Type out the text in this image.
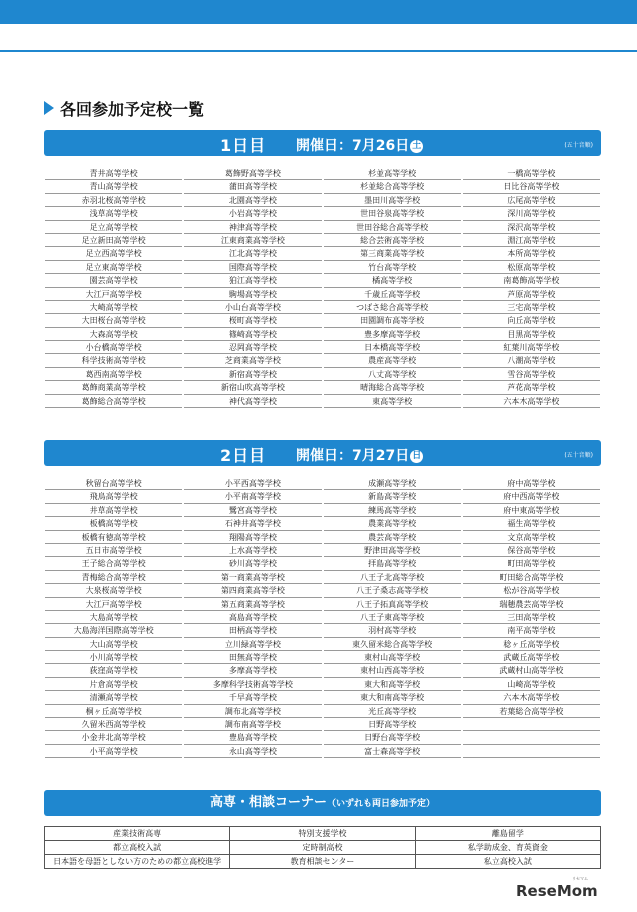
各回参加予定校一覧
1日目 開催日：7月26日 土	(五十音順)
青井高等学校	葛飾野高等学校	杉並高等学校	一橋高等学校
青山高等学校	蒲田高等学校	杉並総合高等学校	日比谷高等学校
赤羽北桜高等学校	北園高等学校	墨田川高等学校	広尾高等学校
浅草高等学校	小岩高等学校	世田谷泉高等学校	深川高等学校
足立高等学校	神津高等学校	世田谷総合高等学校	深沢高等学校
足立新田高等学校	江東商業高等学校	総合芸術高等学校	淵江高等学校
足立西高等学校	江北高等学校	第三商業高等学校	本所高等学校
足立東高等学校	国際高等学校	竹台高等学校	松原高等学校
園芸高等学校	狛江高等学校	橘高等学校	南葛飾高等学校
大江戸高等学校	駒場高等学校	千歳丘高等学校	芦原高等学校
大崎高等学校	小山台高等学校	つばさ総合高等学校	三宅高等学校
大田桜台高等学校	桜町高等学校	田園調布高等学校	向丘高等学校
大森高等学校	篠崎高等学校	豊多摩高等学校	目黒高等学校
小台橋高等学校	忍岡高等学校	日本橋高等学校	紅葉川高等学校
科学技術高等学校	芝商業高等学校	農産高等学校	八潮高等学校
葛西南高等学校	新宿高等学校	八丈高等学校	雪谷高等学校
葛飾商業高等学校	新宿山吹高等学校	晴海総合高等学校	芦花高等学校
葛飾総合高等学校	神代高等学校	東高等学校	六本木高等学校
2日目 開催日：7月27日 日	(五十音順)
秋留台高等学校	小平西高等学校	成瀬高等学校	府中高等学校
飛鳥高等学校	小平南高等学校	新島高等学校	府中西高等学校
井草高等学校	鷺宮高等学校	練馬高等学校	府中東高等学校
板橋高等学校	石神井高等学校	農業高等学校	福生高等学校
板橋有徳高等学校	翔陽高等学校	農芸高等学校	文京高等学校
五日市高等学校	上水高等学校	野津田高等学校	保谷高等学校
王子総合高等学校	砂川高等学校	拝島高等学校	町田高等学校
青梅総合高等学校	第一商業高等学校	八王子北高等学校	町田総合高等学校
大泉桜高等学校	第四商業高等学校	八王子桑志高等学校	松が谷高等学校
大江戸高等学校	第五商業高等学校	八王子拓真高等学校	瑞穂農芸高等学校
大島高等学校	高島高等学校	八王子東高等学校	三田高等学校
大島海洋国際高等学校	田柄高等学校	羽村高等学校	南平高等学校
大山高等学校	立川緑高等学校	東久留米総合高等学校	稔ヶ丘高等学校
小川高等学校	田無高等学校	東村山高等学校	武蔵丘高等学校
荻窪高等学校	多摩高等学校	東村山西高等学校	武蔵村山高等学校
片倉高等学校	多摩科学技術高等学校	東大和高等学校	山崎高等学校
清瀬高等学校	千早高等学校	東大和南高等学校	六本木高等学校
桐ヶ丘高等学校	調布北高等学校	光丘高等学校	若葉総合高等学校
久留米西高等学校	調布南高等学校	日野高等学校
小金井北高等学校	豊島高等学校	日野台高等学校
小平高等学校	永山高等学校	富士森高等学校
高専・相談コーナー（いずれも両日参加予定）
産業技術高専	特別支援学校	離島留学
都立高校入試	定時制高校	私学助成金、育英資金
日本語を母語としない方のための都立高校進学	教育相談センター	私立高校入試
ReseMom
リセマム
